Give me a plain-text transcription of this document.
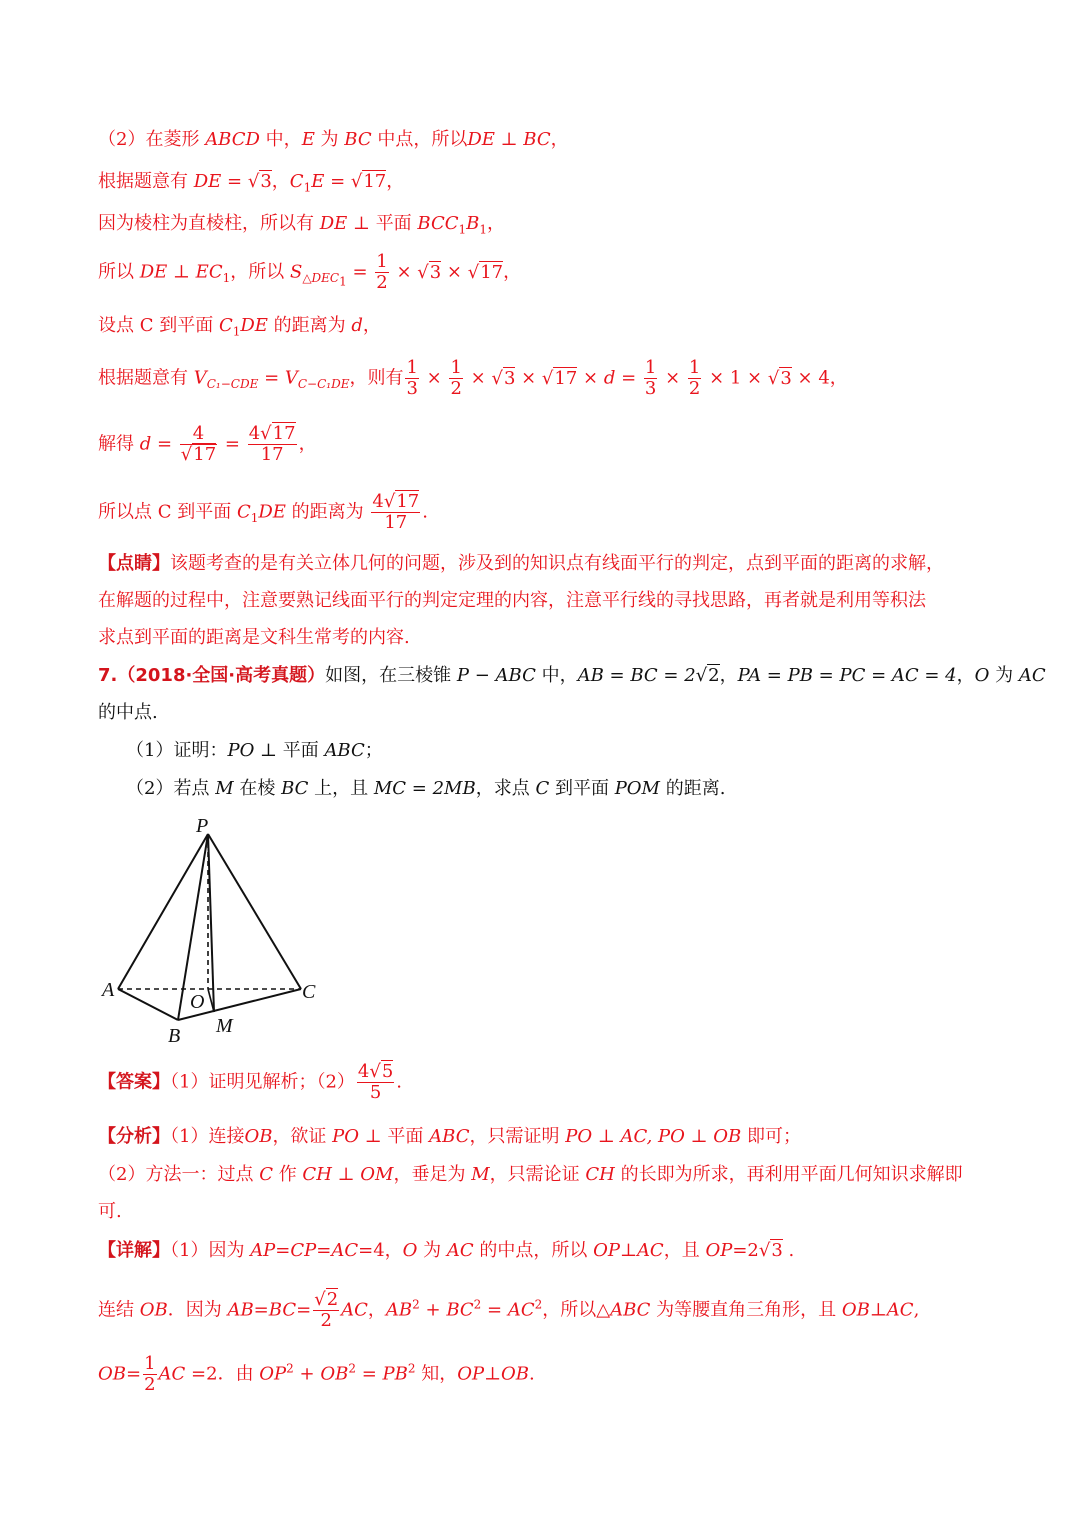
（2）在菱形 ABCD 中，E 为 BC 中点，所以DE ⊥ BC，
根据题意有 DE = √ 3，$C_1E$ = √ 17，
因为棱柱为直棱柱，所以有 DE ⊥ 平面 $BCC_1B_1$，
所以 DE ⊥ $EC_1$，所以 $S_{\triangle DEC_1} = \frac{1}{2}$ × √ 3 × √ 17，
设点 C 到平面 $C_1DE$ 的距离为 d，
根据题意有 $V_{C_1-CDE} = V_{C-C_1DE}$，则有 $\frac{1}{3} \times \frac{1}{2}$ × √ 3 × √ $17 \times d = \frac{1}{3} \times \frac{1}{2} \times 1$ × √ 3 × 4，
解得 d = 4
√ $17 = \frac{4 √ 17}{17}$ ，
所以点 C 到平面 $C_1DE$ 的距离为 $\frac{4 √ 17}{17}$ .
【点睛】该题考查的是有关立体几何的问题，涉及到的知识点有线面平行的判定，点到平面的距离的求解，
在解题的过程中，注意要熟记线面平行的判定定理的内容，注意平行线的寻找思路，再者就是利用等积法
求点到平面的距离是文科生常考的内容.
7.（2018·全国·高考真题）如图，在三棱锥 P − ABC 中，AB = BC = 2 √ 2，PA = PB = PC = AC = 4，O 为 AC
的中点.
（1）证明：PO ⊥ 平面 ABC；
（2）若点 M 在棱 BC 上，且 MC = 2MB，求点 C 到平面 POM 的距离.
P
A
O	C
B M
【答案】（1）证明见解析；$(2) \frac{4 √ 5}{5}$ .
【分析】（1）连接OB，欲证 PO ⊥ 平面 ABC，只需证明 PO ⊥ AC, PO ⊥ OB 即可；
（2）方法一：过点 C 作 CH ⊥ OM，垂足为 M，只需论证 CH 的长即为所求，再利用平面几何知识求解即
可.
【详解】（1）因为 AP=CP=AC=4，O 为 AC 的中点，所以 OP⊥AC，且 OP=2 √ 3 .
连结 OB．因为 AB=BC= √ $\frac{2}{2}$ AC，$AB^2 + BC^2 = AC^2$，所以△ABC 为等腰直角三角形，且 OB⊥AC,
$OB= \frac{1}{2}$ AC =2．由 $OP^2 + OB^2 = PB^2$ 知，OP⊥OB.
